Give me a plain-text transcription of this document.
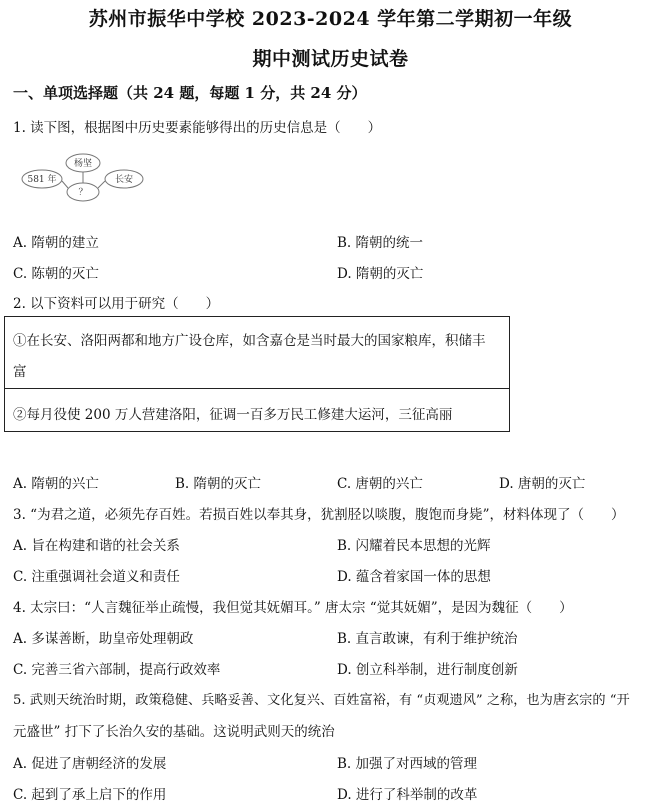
苏州市振华中学校 2023-2024 学年第二学期初一年级
期中测试历史试卷
一、单项选择题（共 24 题，每题 1 分，共 24 分）
1. 读下图，根据图中历史要素能够得出的历史信息是（　　）
581 年
杨坚
？
长安
A. 隋朝的建立	B. 隋朝的统一
C. 陈朝的灭亡	D. 隋朝的灭亡
2. 以下资料可以用于研究（　　）
①在长安、洛阳两都和地方广设仓库，如含嘉仓是当时最大的国家粮库，积储丰
富
②每月役使 200 万人营建洛阳，征调一百多万民工修建大运河，三征高丽
A. 隋朝的兴亡	B. 隋朝的灭亡	C. 唐朝的兴亡	D. 唐朝的灭亡
3. “为君之道，必须先存百姓。若损百姓以奉其身，犹割胫以啖腹，腹饱而身毙”，材料体现了（　　）
A. 旨在构建和谐的社会关系	B. 闪耀着民本思想的光辉
C. 注重强调社会道义和责任	D. 蕴含着家国一体的思想
4. 太宗曰：“人言魏征举止疏慢，我但觉其妩媚耳。” 唐太宗 “觉其妩媚”，是因为魏征（　　）
A. 多谋善断，助皇帝处理朝政	B. 直言敢谏，有利于维护统治
C. 完善三省六部制，提高行政效率	D. 创立科举制，进行制度创新
5. 武则天统治时期，政策稳健、兵略妥善、文化复兴、百姓富裕，有 “贞观遗风” 之称，也为唐玄宗的 “开
元盛世” 打下了长治久安的基础。这说明武则天的统治
A. 促进了唐朝经济的发展	B. 加强了对西域的管理
C. 起到了承上启下的作用	D. 进行了科举制的改革
